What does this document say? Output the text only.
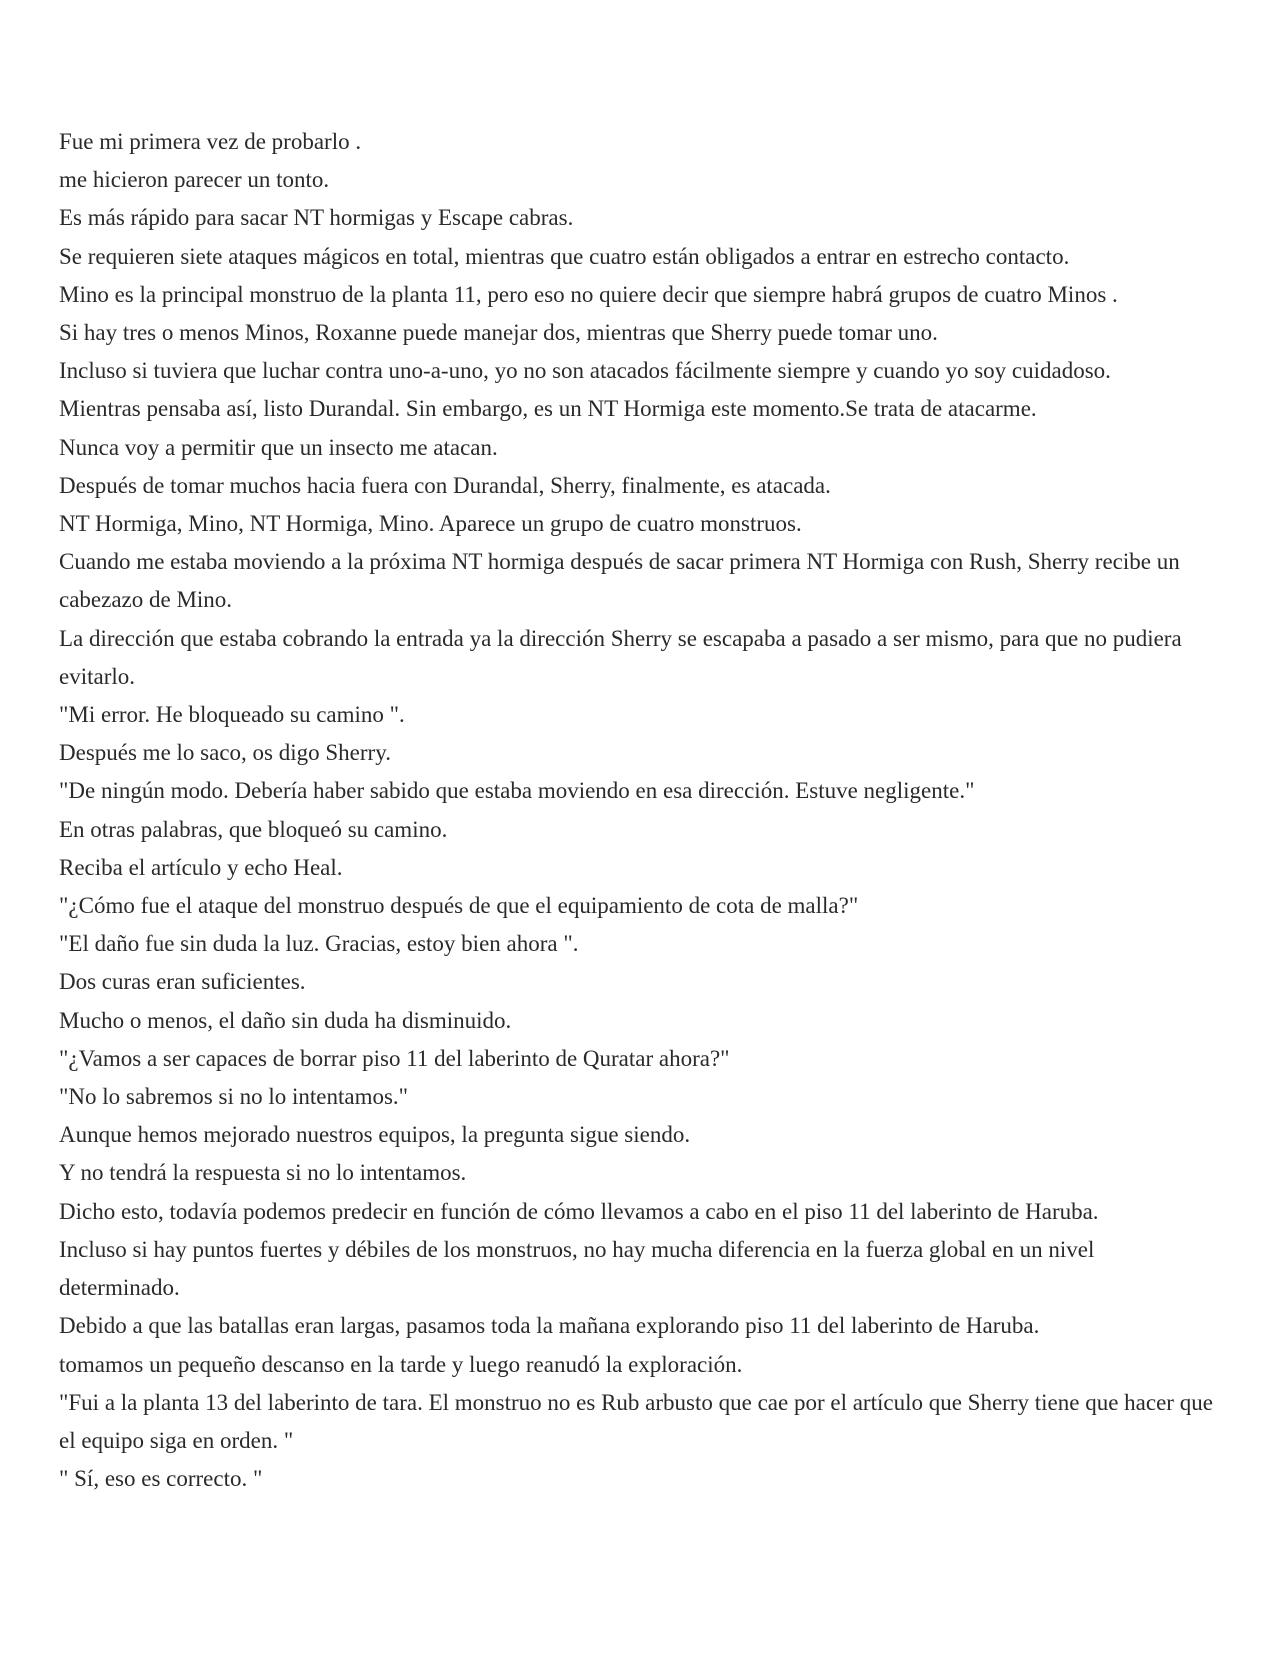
Fue mi primera vez de probarlo .
me hicieron parecer un tonto.
Es más rápido para sacar NT hormigas y Escape cabras.
Se requieren siete ataques mágicos en total, mientras que cuatro están obligados a entrar en estrecho contacto.
Mino es la principal monstruo de la planta 11, pero eso no quiere decir que siempre habrá grupos de cuatro Minos .
Si hay tres o menos Minos, Roxanne puede manejar dos, mientras que Sherry puede tomar uno.
Incluso si tuviera que luchar contra uno-a-uno, yo no son atacados fácilmente siempre y cuando yo soy cuidadoso.
Mientras pensaba así, listo Durandal. Sin embargo, es un NT Hormiga este momento.Se trata de atacarme.
Nunca voy a permitir que un insecto me atacan.
Después de tomar muchos hacia fuera con Durandal, Sherry, finalmente, es atacada.
NT Hormiga, Mino, NT Hormiga, Mino. Aparece un grupo de cuatro monstruos.
Cuando me estaba moviendo a la próxima NT hormiga después de sacar primera NT Hormiga con Rush, Sherry recibe un cabezazo de Mino.
La dirección que estaba cobrando la entrada ya la dirección Sherry se escapaba a pasado a ser mismo, para que no pudiera evitarlo.
"Mi error. He bloqueado su camino ".
Después me lo saco, os digo Sherry.
"De ningún modo. Debería haber sabido que estaba moviendo en esa dirección. Estuve negligente."
En otras palabras, que bloqueó su camino.
Reciba el artículo y echo Heal.
"¿Cómo fue el ataque del monstruo después de que el equipamiento de cota de malla?"
"El daño fue sin duda la luz. Gracias, estoy bien ahora ".
Dos curas eran suficientes.
Mucho o menos, el daño sin duda ha disminuido.
"¿Vamos a ser capaces de borrar piso 11 del laberinto de Quratar ahora?"
"No lo sabremos si no lo intentamos."
Aunque hemos mejorado nuestros equipos, la pregunta sigue siendo.
Y no tendrá la respuesta si no lo intentamos.
Dicho esto, todavía podemos predecir en función de cómo llevamos a cabo en el piso 11 del laberinto de Haruba.
Incluso si hay puntos fuertes y débiles de los monstruos, no hay mucha diferencia en la fuerza global en un nivel determinado.
Debido a que las batallas eran largas, pasamos toda la mañana explorando piso 11 del laberinto de Haruba.
tomamos un pequeño descanso en la tarde y luego reanudó la exploración.
"Fui a la planta 13 del laberinto de tara. El monstruo no es Rub arbusto que cae por el artículo que Sherry tiene que hacer que el equipo siga en orden. "
" Sí, eso es correcto. "
